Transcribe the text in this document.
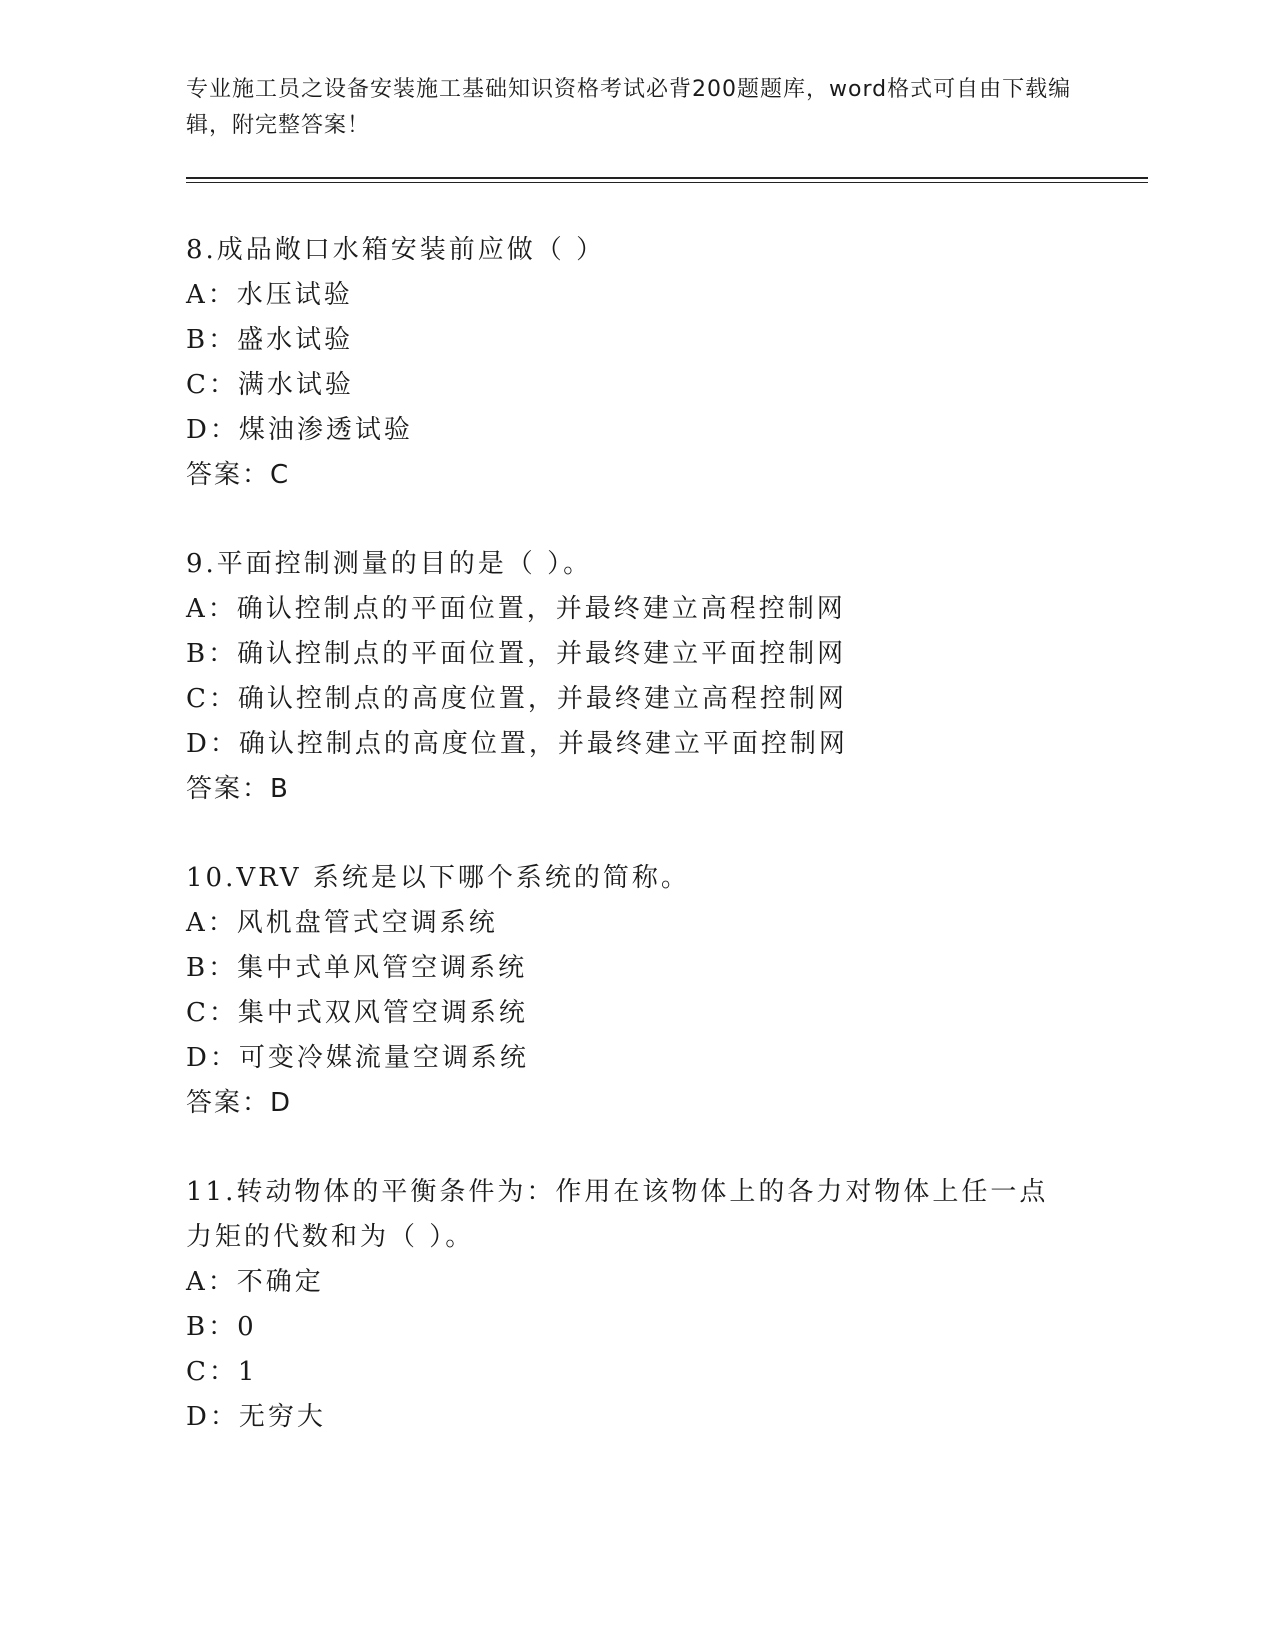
专业施工员之设备安装施工基础知识资格考试必背200题题库，word格式可自由下载编辑，附完整答案！
8.成品敞口水箱安装前应做（ ）
A：水压试验
B：盛水试验
C：满水试验
D：煤油渗透试验
答案：C
9.平面控制测量的目的是（ ）。
A：确认控制点的平面位置，并最终建立高程控制网
B：确认控制点的平面位置，并最终建立平面控制网
C：确认控制点的高度位置，并最终建立高程控制网
D：确认控制点的高度位置，并最终建立平面控制网
答案：B
10.VRV 系统是以下哪个系统的简称。
A：风机盘管式空调系统
B：集中式单风管空调系统
C：集中式双风管空调系统
D：可变冷媒流量空调系统
答案：D
11.转动物体的平衡条件为：作用在该物体上的各力对物体上任一点力矩的代数和为（ ）。
A：不确定
B：0
C：1
D：无穷大
